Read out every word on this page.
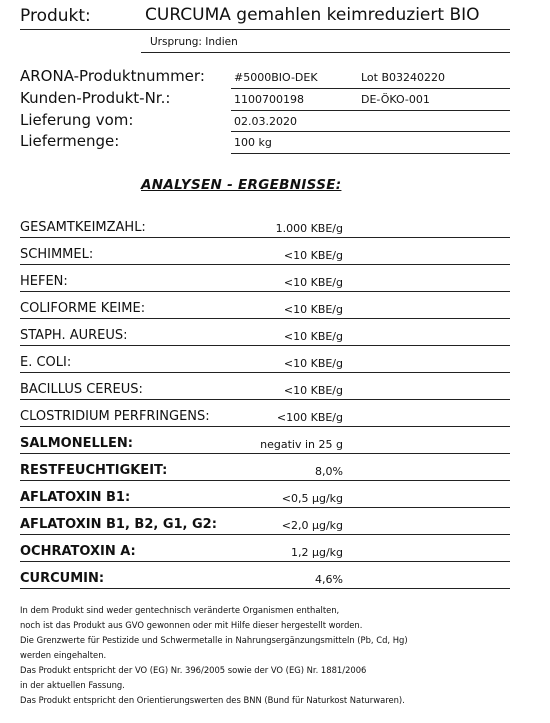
Produkt:	CURCUMA gemahlen keimreduziert BIO
Ursprung: Indien
ARONA-Produktnummer:	#5000BIO-DEK	Lot B03240220
Kunden-Produkt-Nr.:	1100700198	DE-ÖKO-001
Lieferung vom:	02.03.2020
Liefermenge:	100 kg
ANALYSEN - ERGEBNISSE:
GESAMTKEIMZAHL:	1.000 KBE/g
SCHIMMEL:	<10 KBE/g
HEFEN:	<10 KBE/g
COLIFORME KEIME:	<10 KBE/g
STAPH. AUREUS:	<10 KBE/g
E. COLI:	<10 KBE/g
BACILLUS CEREUS:	<10 KBE/g
CLOSTRIDIUM PERFRINGENS:	<100 KBE/g
SALMONELLEN:	negativ in 25 g
RESTFEUCHTIGKEIT:	8,0%
AFLATOXIN B1:	<0,5 µg/kg
AFLATOXIN B1, B2, G1, G2:	<2,0 µg/kg
OCHRATOXIN A:	1,2 µg/kg
CURCUMIN:	4,6%
In dem Produkt sind weder gentechnisch veränderte Organismen enthalten,
noch ist das Produkt aus GVO gewonnen oder mit Hilfe dieser hergestellt worden.
Die Grenzwerte für Pestizide und Schwermetalle in Nahrungsergänzungsmitteln (Pb, Cd, Hg)
werden eingehalten.
Das Produkt entspricht der VO (EG) Nr. 396/2005 sowie der VO (EG) Nr. 1881/2006
in der aktuellen Fassung.
Das Produkt entspricht den Orientierungswerten des BNN (Bund für Naturkost Naturwaren).
